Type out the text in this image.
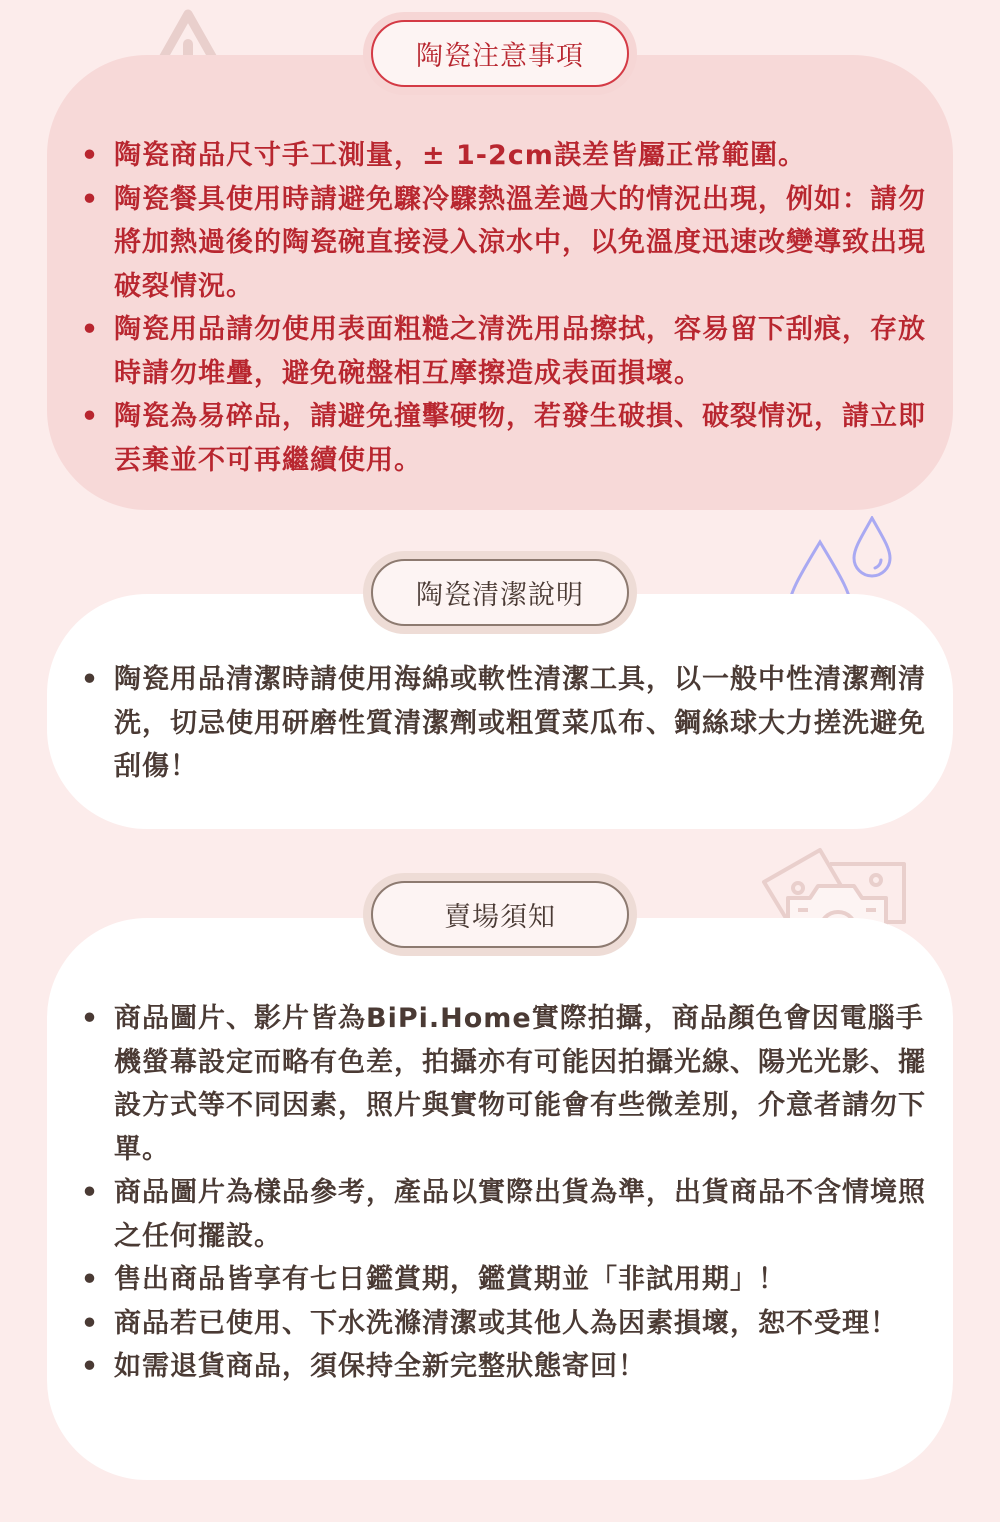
陶瓷注意事項
• 陶瓷商品尺寸手工測量，± 1-2cm誤差皆屬正常範圍。
• 陶瓷餐具使用時請避免驟冷驟熱溫差過大的情況出現，例如：請勿將加熱過後的陶瓷碗直接浸入涼水中，以免溫度迅速改變導致出現破裂情況。
• 陶瓷用品請勿使用表面粗糙之清洗用品擦拭，容易留下刮痕，存放時請勿堆疊，避免碗盤相互摩擦造成表面損壞。
• 陶瓷為易碎品，請避免撞擊硬物，若發生破損、破裂情況，請立即丟棄並不可再繼續使用。
陶瓷清潔說明
• 陶瓷用品清潔時請使用海綿或軟性清潔工具，以一般中性清潔劑清洗，切忌使用研磨性質清潔劑或粗質菜瓜布、鋼絲球大力搓洗避免刮傷！
賣場須知
• 商品圖片、影片皆為BiPi.Home實際拍攝，商品顏色會因電腦手機螢幕設定而略有色差，拍攝亦有可能因拍攝光線、陽光光影、擺設方式等不同因素，照片與實物可能會有些微差別，介意者請勿下單。
• 商品圖片為樣品參考，產品以實際出貨為準，出貨商品不含情境照之任何擺設。
• 售出商品皆享有七日鑑賞期，鑑賞期並「非試用期」！
• 商品若已使用、下水洗滌清潔或其他人為因素損壞，恕不受理！
• 如需退貨商品，須保持全新完整狀態寄回！
